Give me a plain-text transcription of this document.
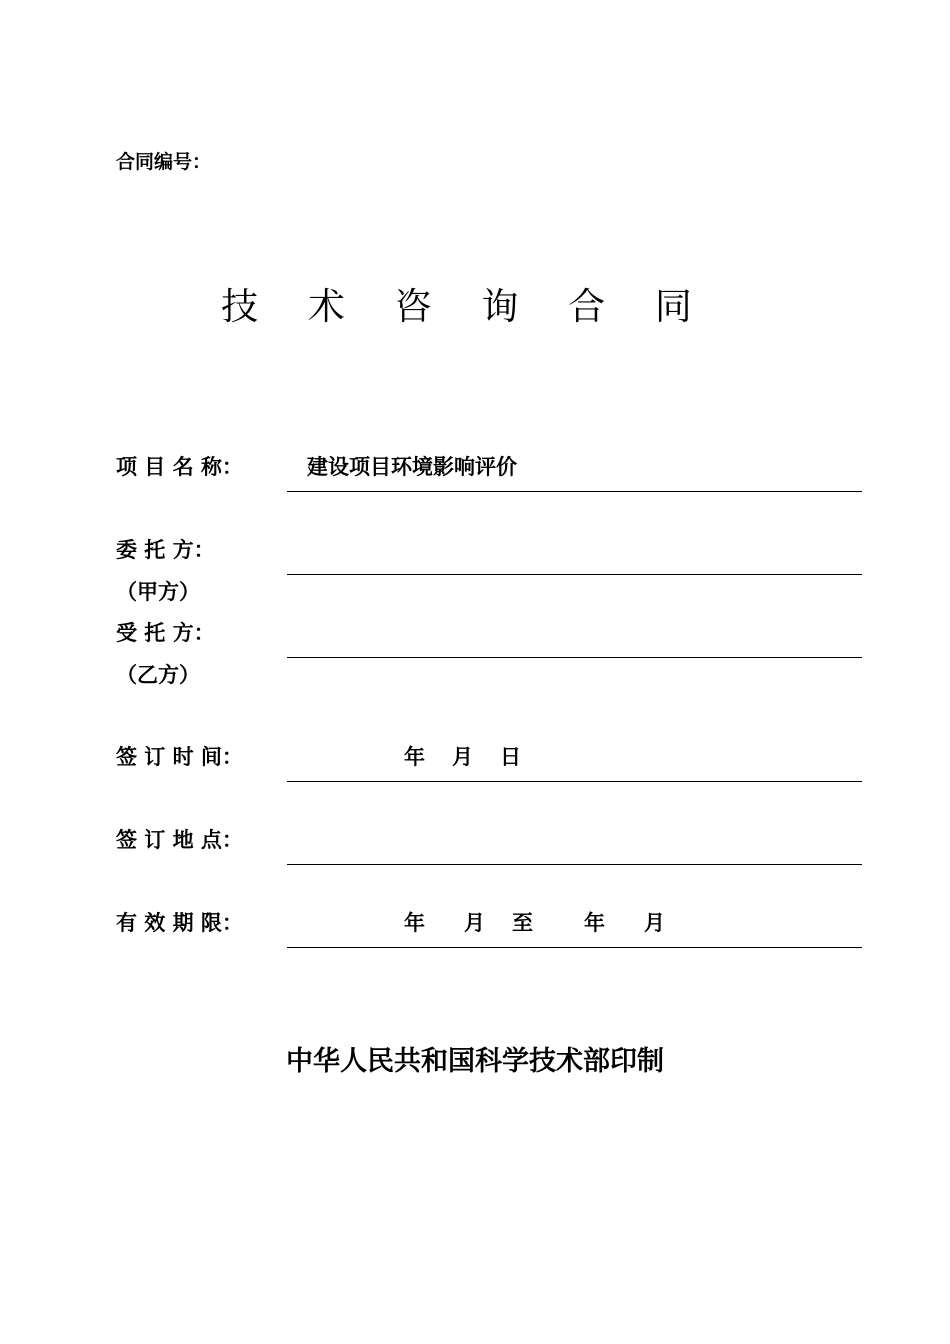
合同编号：
技 术 咨 询 合 同
项 目 名 称：	建设项目环境影响评价
委 托 方：
（甲方）
受 托 方：
（乙方）
签 订 时 间：	年 月 日
签 订 地 点：
有 效 期 限：	年 月 至 年 月
中华人民共和国科学技术部印制
